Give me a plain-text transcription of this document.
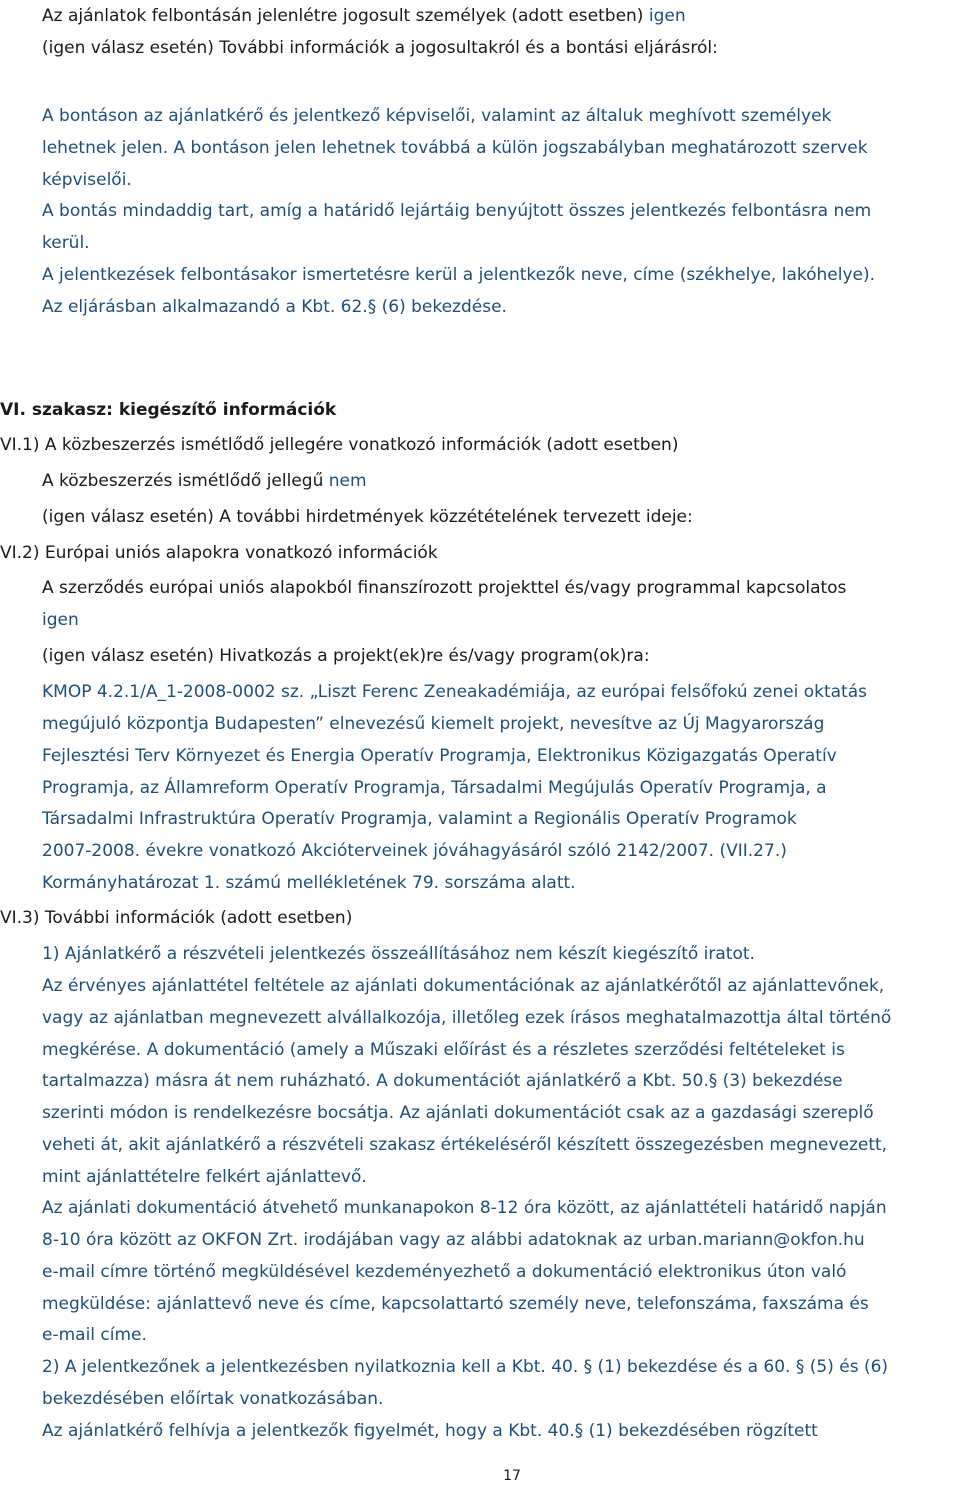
Az ajánlatok felbontásán jelenlétre jogosult személyek (adott esetben) igen
(igen válasz esetén) További információk a jogosultakról és a bontási eljárásról:
A bontáson az ajánlatkérő és jelentkező képviselői, valamint az általuk meghívott személyek
lehetnek jelen. A bontáson jelen lehetnek továbbá a külön jogszabályban meghatározott szervek
képviselői.
A bontás mindaddig tart, amíg a határidő lejártáig benyújtott összes jelentkezés felbontásra nem
kerül.
A jelentkezések felbontásakor ismertetésre kerül a jelentkezők neve, címe (székhelye, lakóhelye).
Az eljárásban alkalmazandó a Kbt. 62.§ (6) bekezdése.
VI. szakasz: kiegészítő információk
VI.1) A közbeszerzés ismétlődő jellegére vonatkozó információk (adott esetben)
A közbeszerzés ismétlődő jellegű nem
(igen válasz esetén) A további hirdetmények közzétételének tervezett ideje:
VI.2) Európai uniós alapokra vonatkozó információk
A szerződés európai uniós alapokból finanszírozott projekttel és/vagy programmal kapcsolatos
igen
(igen válasz esetén) Hivatkozás a projekt(ek)re és/vagy program(ok)ra:
KMOP 4.2.1/A_1-2008-0002 sz. „Liszt Ferenc Zeneakadémiája, az európai felsőfokú zenei oktatás
megújuló központja Budapesten” elnevezésű kiemelt projekt, nevesítve az Új Magyarország
Fejlesztési Terv Környezet és Energia Operatív Programja, Elektronikus Közigazgatás Operatív
Programja, az Államreform Operatív Programja, Társadalmi Megújulás Operatív Programja, a
Társadalmi Infrastruktúra Operatív Programja, valamint a Regionális Operatív Programok
2007-2008. évekre vonatkozó Akcióterveinek jóváhagyásáról szóló 2142/2007. (VII.27.)
Kormányhatározat 1. számú mellékletének 79. sorszáma alatt.
VI.3) További információk (adott esetben)
1) Ajánlatkérő a részvételi jelentkezés összeállításához nem készít kiegészítő iratot.
Az érvényes ajánlattétel feltétele az ajánlati dokumentációnak az ajánlatkérőtől az ajánlattevőnek,
vagy az ajánlatban megnevezett alvállalkozója, illetőleg ezek írásos meghatalmazottja által történő
megkérése. A dokumentáció (amely a Műszaki előírást és a részletes szerződési feltételeket is
tartalmazza) másra át nem ruházható. A dokumentációt ajánlatkérő a Kbt. 50.§ (3) bekezdése
szerinti módon is rendelkezésre bocsátja. Az ajánlati dokumentációt csak az a gazdasági szereplő
veheti át, akit ajánlatkérő a részvételi szakasz értékeléséről készített összegezésben megnevezett,
mint ajánlattételre felkért ajánlattevő.
Az ajánlati dokumentáció átvehető munkanapokon 8-12 óra között, az ajánlattételi határidő napján
8-10 óra között az OKFON Zrt. irodájában vagy az alábbi adatoknak az urban.mariann@okfon.hu
e-mail címre történő megküldésével kezdeményezhető a dokumentáció elektronikus úton való
megküldése: ajánlattevő neve és címe, kapcsolattartó személy neve, telefonszáma, faxszáma és
e-mail címe.
2) A jelentkezőnek a jelentkezésben nyilatkoznia kell a Kbt. 40. § (1) bekezdése és a 60. § (5) és (6)
bekezdésében előírtak vonatkozásában.
Az ajánlatkérő felhívja a jelentkezők figyelmét, hogy a Kbt. 40.§ (1) bekezdésében rögzített
17
